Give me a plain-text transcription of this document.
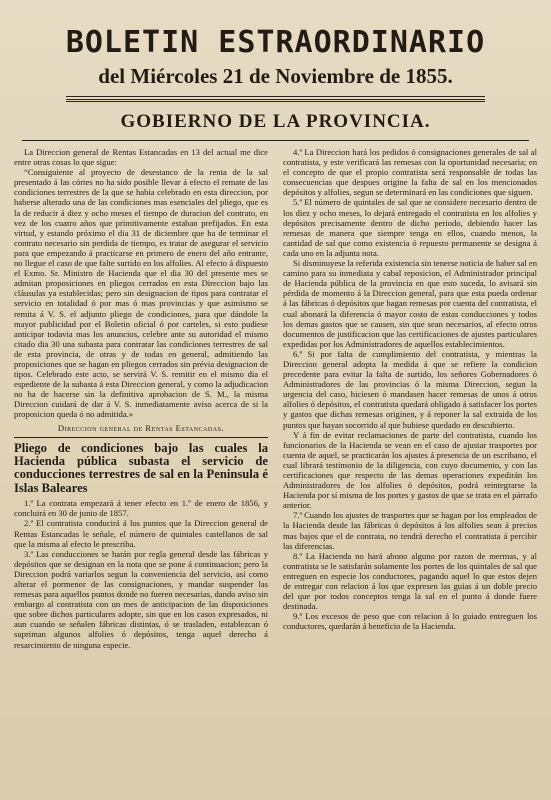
BOLETIN ESTRAORDINARIO
del Miércoles 21 de Noviembre de 1855.
GOBIERNO DE LA PROVINCIA.

La Direccion general de Rentas Estancadas en 13 del actual me dice entre otras cosas lo que sigue:

“Consiguiente al proyecto de desestanco de la renta de la sal presentado á las córtes no ha sido posible llevar á efecto el remate de las condiciones terrestres de la que se habia celebrado en esta direccion, por haberse alterado una de las condiciones mas esenciales del pliego, que es la de reducir á diez y ocho meses el tiempo de duracion del contrato, en vez de los cuatro años que primitivamente estaban prefijados. En esta virtud, y estando próximo el dia 31 de diciembre que ha de terminar el contrato necesario sin perdida de tiempo, es tratar de asegurar el servicio para que empezando á practicarse en primero de enero del año entrante, no llegue el caso de que falte surtido en los alfolies. Al efecto á dispuesto el Exmo. Sr. Ministro de Hacienda que el dia 30 del presente mes se admitan proposiciones en pliegos cerrados en esta Direccion bajo las cláusulas ya establecidas; pero sin designacion de tipos para contratar el servicio en totalidad ó por mas ó mas provincias y que asimismo se remita á V. S. el adjunto pliego de condiciones, para que dándole la mayor publicidad por el Boletin oficial ó por carteles, si esto pudiese anticipar todavia mas los anuncios, celebre ante su autoridad el mismo citado dia 30 una subasta para contratar las condiciones terrestres de sal de esta provincia, de otras y de todas en general, admitiendo las proposiciones que se hagan en pliegos cerrados sin prévia designacion de tipos. Celebrado este acto, se servirá V. S. remitir en el mismo dia el espediente de la subasta á esta Direccion general, y como la adjudicacion no ha de hacerse sin la definitiva aprobacion de S. M., la misma Direccion cuidará de dar á V. S. inmediatamente aviso acerca de si la proposicion queda ó no admitida.»

Direccion general de Rentas Estancadas.

Pliego de condiciones bajo las cuales la Hacienda pública subasta el servicio de conducciones terrestres de sal en la Peninsula é Islas Baleares

1.ª La contrata empezará á tener efecto en 1.º de enero de 1856, y concluirá en 30 de junio de 1857.

2.ª El contratista conducirá á los puntos que la Direccion general de Rentas Estancadas le señale, el número de quintales castellanos de sal que la misma al efecto le prescriba.

3.ª Las conducciones se harán por regla general desde las fábricas y depósitos que se designan en la nota que se pone á continuacion; pero la Direccion podrá variarlos segun la conveniencia del servicio, así como alterar el pormenor de las consignaciones, y mandar suspender las remesas para aquellos puntos donde no fueren necesarias, dando aviso sin embargo al contratista con un mes de anticipacion de las disposiciones que sobre dichos particulares adopte, sin que en los casos expresados, ni aun cuando se señalen fábricas distintas, ó se trasladen, establezcan ó supriman algunos alfolies ó depósitos, tenga aquel derecho á resarcimiento de ninguna especie.

4.ª La Direccion hará los pedidos ó consignaciones generales de sal al contratista, y este verificará las remesas con la oportunidad necesaria; en el concepto de que el propio contratista será responsable de todas las consecuencias que despues origine la falta de sal en los mencionados depósitos y alfolies, segun se determinará en las condiciones que siguen.

5.ª El número de quintales de sal que se considere necesario dentro de los diez y ocho meses, lo dejará entregado el contratista en los alfolies y depósitos precisamente dentro de dicho periodo, debiendo hacer las remesas de manera que siempre tenga en ellos, cuando menos, la cantidad de sal que como existencia ó repuesto permanente se designa á cada uno en la adjunta nota.

Si disminuyese la referida existencia sin tenerse noticia de haber sal en camino para su inmediata y cabal reposicion, el Administrador principal de Hacienda pública de la provincia en que esto suceda, lo avisará sin pérdida de momento á la Direccion general, para que esta pueda ordenar á las fábricas ó depósitos que hagan remesas por cuenta del contratista, el cual abonará la diferencia ó mayor costo de estas conducciones y todos los demas gastos que se causen, sin que sean necesarios, al efecto otros documentos de justificacion que las certificaciones de ajustes particulares expedidas por los Administradores de aquellos establecimientos.

6.ª Si por falta de cumplimiento del contratista, y mientras la Direccion general adopta la medida á que se refiere la condicion precedente para evitar la falta de surtido, los señores Gobernadores ó Administradores de las provincias ó la misma Direccion, segun la urgencia del caso, hiciesen ó mandasen hacer remesas de unos á otros alfolies ó depósitos, el contratista quedará obligado á satisfacer los portes y gastos que dichas remesas originen, y á reponer la sal extraida de los puntos que hayan socorrido al que hubiese quedado en descubierto.

Y á fin de evitar reclamaciones de parte del contratista, cuando los funcionarios de la Hacienda se vean en el caso de ajustar trasportes por cuenta de aquel, se practicarán los ajustes á presencia de un escribano, el cual librará testimonio de la diligencia, con cuyo documento, y con las certificaciones que respecto de las demas operaciones expedirán los Administradores de los alfolies ó depósitos, podrá reintegrarse la Hacienda por sí misma de los portes y gastos de que se trata en el párrafo anterior.

7.ª Cuando los ajustes de trasportes que se hagan por los empleados de la Hacienda desde las fábricas ó depósitos á los alfolies sean á precios mas bajos que el de contrata, no tendrá derecho el contratista á percibir las diferencias.

8.ª La Hacienda no hará abono alguno por razon de mermas, y al contratista se le satisfarán solamente los portes de los quintales de sal que entreguen en especie los conductores, pagando aquel lo que estos dejen de entregar con relacion á los que expresen las guias á un doble precio del que por todos conceptos tenga la sal en el punto á donde fuere destinada.

9.ª Los excesos de peso que con relacion á lo guiado entreguen los conductores, quedarán á beneficio de la Hacienda.
